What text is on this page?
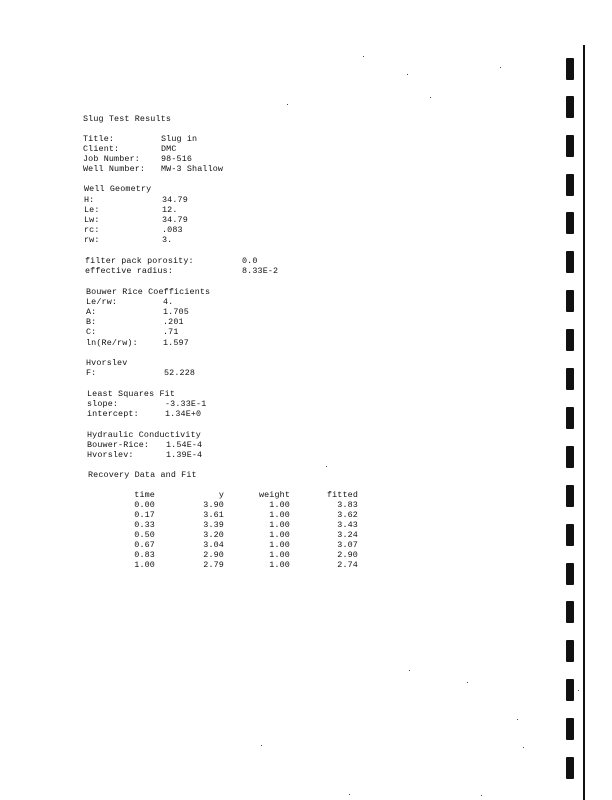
Slug Test Results
Title:	Slug in
Client:	DMC
Job Number:	98-516
Well Number: MW-3 Shallow
Well Geometry
H:	34.79
Le:	12.
Lw:	34.79
rc:	.083
rw:	3.
filter pack porosity:	0.0
effective radius:	8.33E-2
Bouwer Rice Coefficients
Le/rw:	4.
A:	1.705
B:	.201
C:	.71
ln(Re/rw):	1.597
Hvorslev
F:	52.228
Least Squares Fit
slope:	-3.33E-1
intercept:	1.34E+0
Hydraulic Conductivity
Bouwer-Rice: 1.54E-4
Hvorslev:	1.39E-4
Recovery Data and Fit
time	y	weight	fitted
0.00	3.90	1.00	3.83
0.17	3.61	1.00	3.62
0.33	3.39	1.00	3.43
0.50	3.20	1.00	3.24
0.67	3.04	1.00	3.07
0.83	2.90	1.00	2.90
1.00	2.79	1.00	2.74
